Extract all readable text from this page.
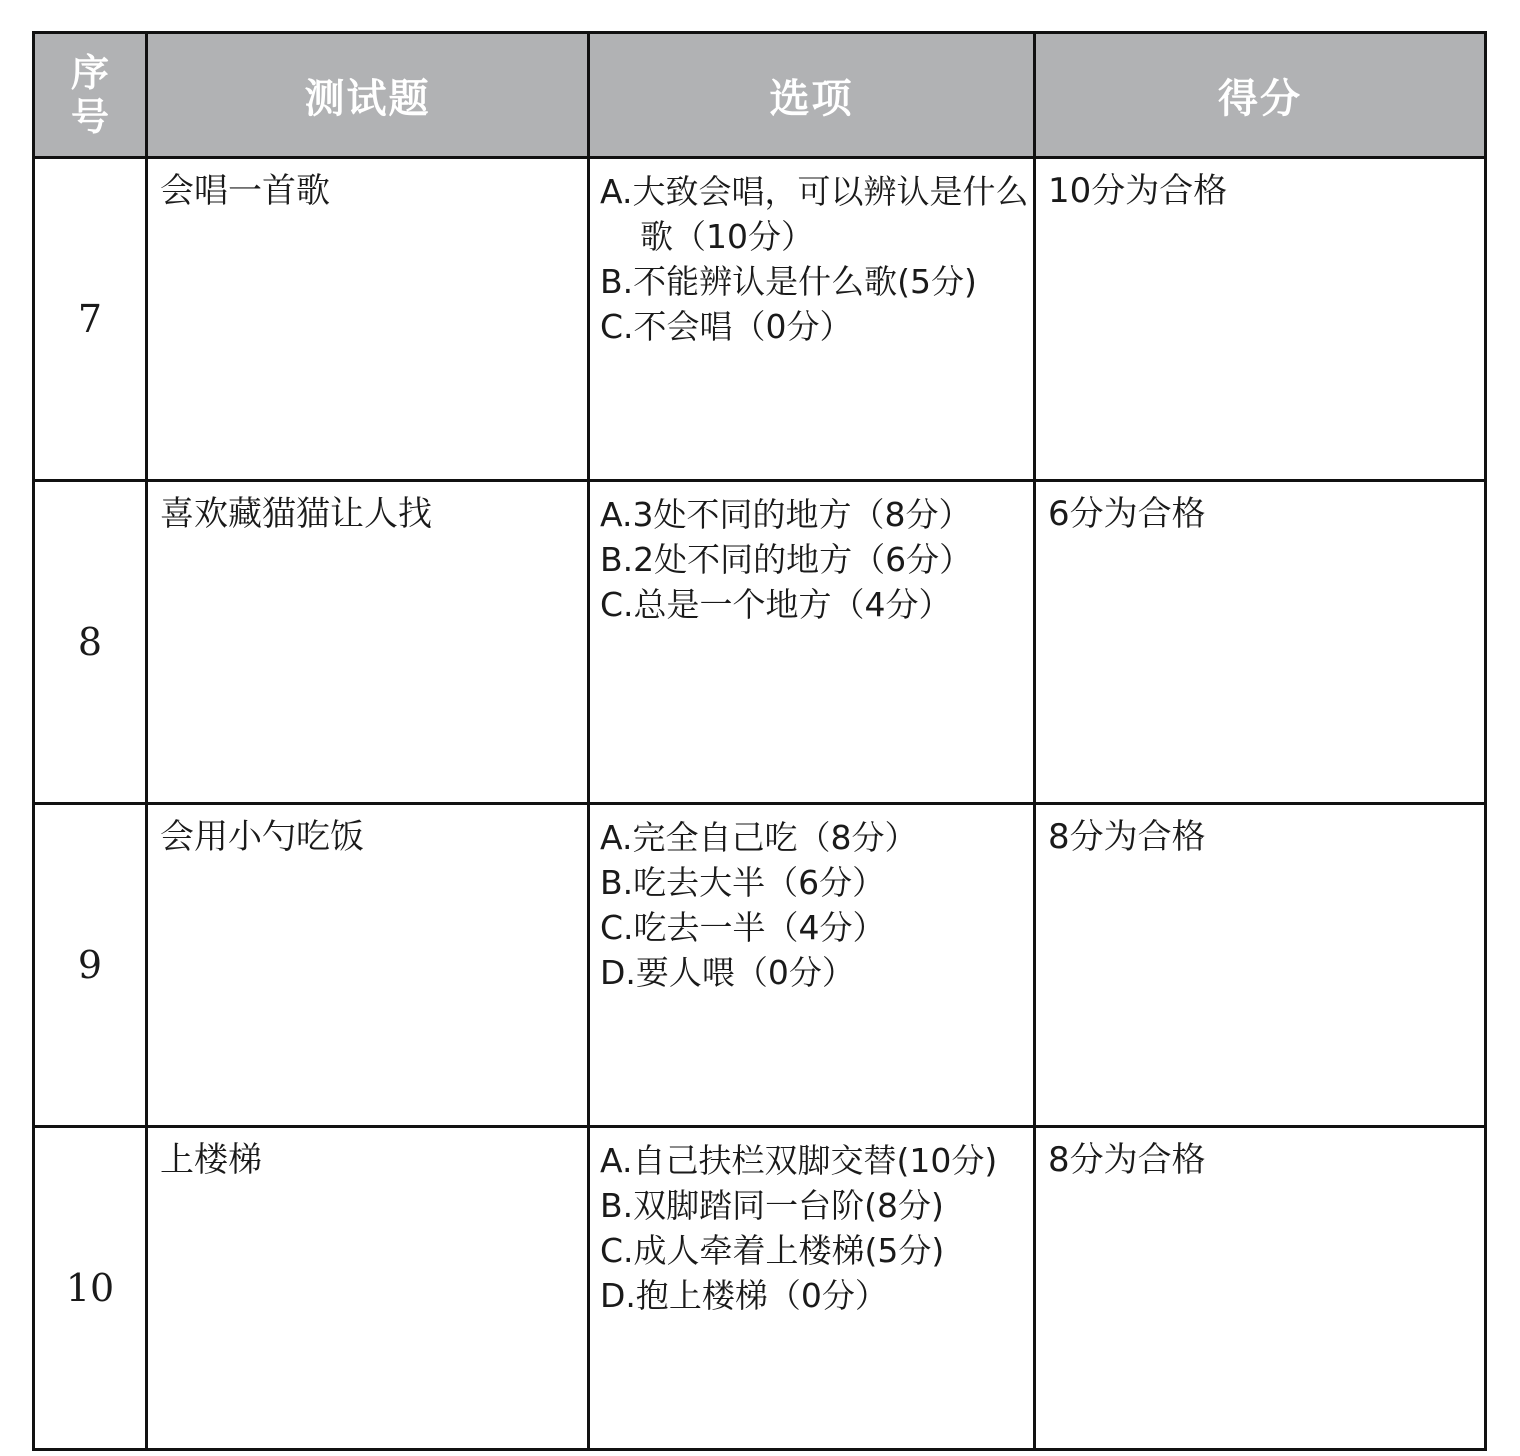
序号	测试题	选项	得分
7	会唱一首歌	A.大致会唱，可以辨认是什么歌（10分）
B.不能辨认是什么歌(5分)
C.不会唱（0分）	10分为合格
8	喜欢藏猫猫让人找	A.3处不同的地方（8分）
B.2处不同的地方（6分）
C.总是一个地方（4分）	6分为合格
9	会用小勺吃饭	A.完全自己吃（8分）
B.吃去大半（6分）
C.吃去一半（4分）
D.要人喂（0分）	8分为合格
10	上楼梯	A.自己扶栏双脚交替(10分)
B.双脚踏同一台阶(8分)
C.成人牵着上楼梯(5分)
D.抱上楼梯（0分）	8分为合格
